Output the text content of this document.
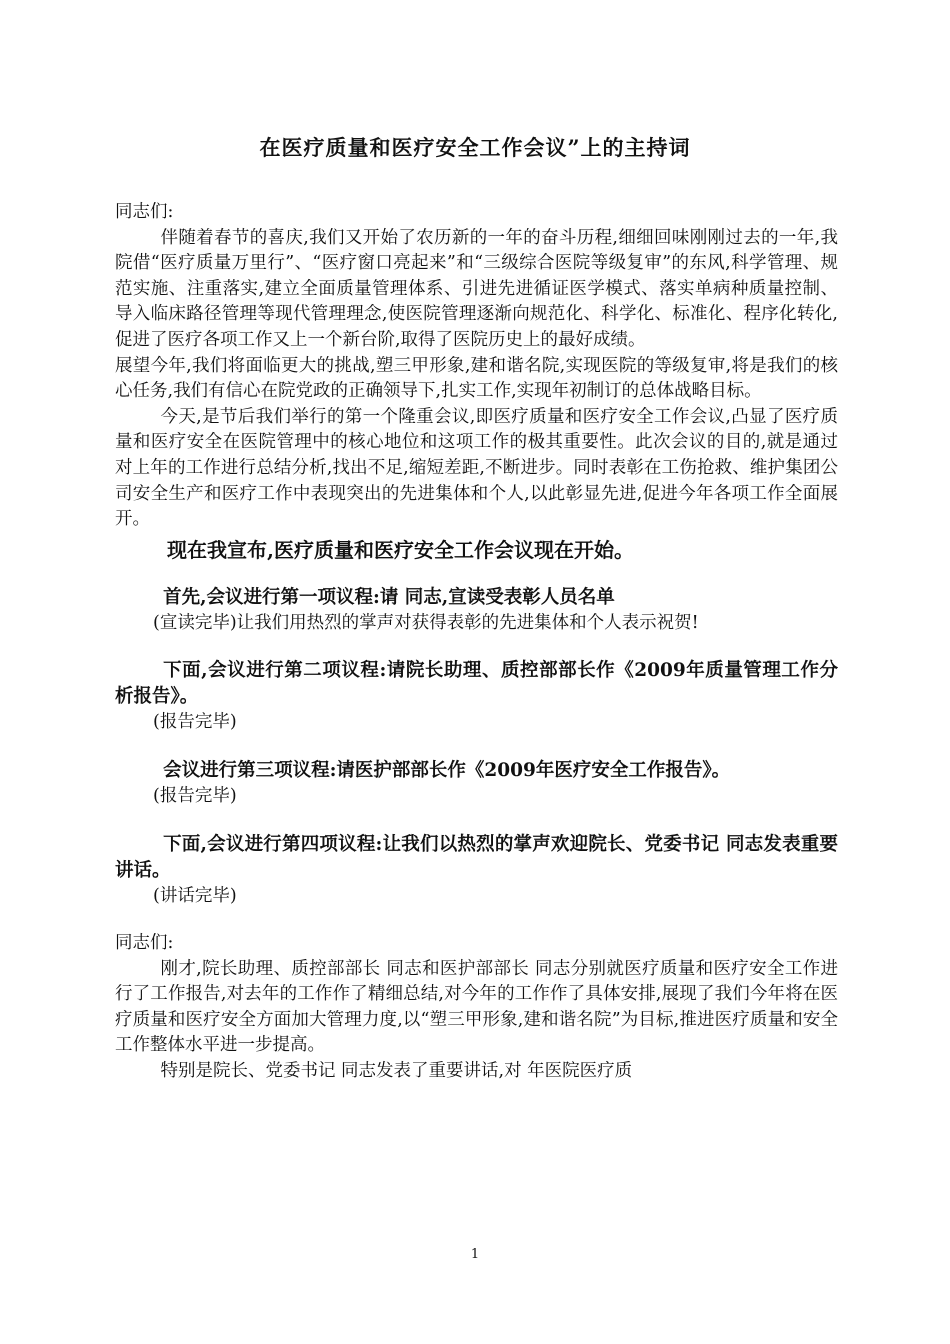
在医疗质量和医疗安全工作会议”上的主持词

同志们:

伴随着春节的喜庆,我们又开始了农历新的一年的奋斗历程,细细回味刚刚过去的一年,我院借“医疗质量万里行”、“医疗窗口亮起来”和“三级综合医院等级复审”的东风,科学管理、规范实施、注重落实,建立全面质量管理体系、引进先进循证医学模式、落实单病种质量控制、导入临床路径管理等现代管理理念,使医院管理逐渐向规范化、科学化、标准化、程序化转化,促进了医疗各项工作又上一个新台阶,取得了医院历史上的最好成绩。

展望今年,我们将面临更大的挑战,塑三甲形象,建和谐名院,实现医院的等级复审,将是我们的核心任务,我们有信心在院党政的正确领导下,扎实工作,实现年初制订的总体战略目标。

今天,是节后我们举行的第一个隆重会议,即医疗质量和医疗安全工作会议,凸显了医疗质量和医疗安全在医院管理中的核心地位和这项工作的极其重要性。此次会议的目的,就是通过对上年的工作进行总结分析,找出不足,缩短差距,不断进步。同时表彰在工伤抢救、维护集团公司安全生产和医疗工作中表现突出的先进集体和个人,以此彰显先进,促进今年各项工作全面展开。

现在我宣布,医疗质量和医疗安全工作会议现在开始。

首先,会议进行第一项议程:请 同志,宣读受表彰人员名单

(宣读完毕)让我们用热烈的掌声对获得表彰的先进集体和个人表示祝贺!

下面,会议进行第二项议程:请院长助理、质控部部长作《2009年质量管理工作分析报告》。

(报告完毕)

会议进行第三项议程:请医护部部长作《2009年医疗安全工作报告》。

(报告完毕)

下面,会议进行第四项议程:让我们以热烈的掌声欢迎院长、党委书记 同志发表重要讲话。

(讲话完毕)

同志们:

刚才,院长助理、质控部部长 同志和医护部部长 同志分别就医疗质量和医疗安全工作进行了工作报告,对去年的工作作了精细总结,对今年的工作作了具体安排,展现了我们今年将在医疗质量和医疗安全方面加大管理力度,以“塑三甲形象,建和谐名院”为目标,推进医疗质量和安全工作整体水平进一步提高。

特别是院长、党委书记 同志发表了重要讲话,对 年医院医疗质

1
